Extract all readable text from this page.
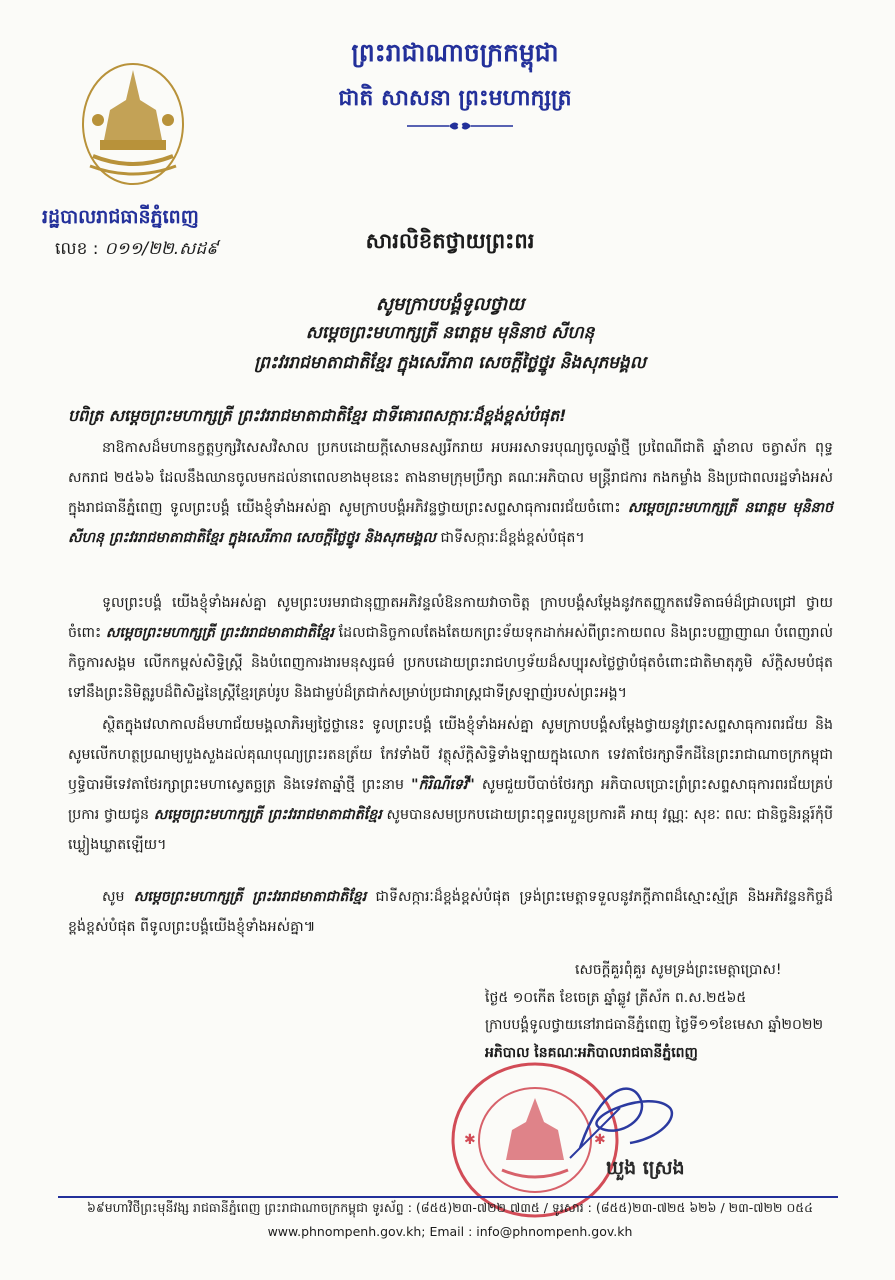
ព្រះរាជាណាចក្រកម្ពុជា
ជាតិ សាសនា ព្រះមហាក្សត្រ
រដ្ឋបាលរាជធានីភ្នំពេញ
លេខ : ០១១/២២.សដ៩	សារលិខិតថ្វាយព្រះពរ
សូមក្រាបបង្គំទូលថ្វាយ
សម្តេចព្រះមហាក្សត្រី នរោត្តម មុនិនាថ សីហនុ
ព្រះវររាជមាតាជាតិខ្មែរ ក្នុងសេរីភាព សេចក្តីថ្លៃថ្នូរ និងសុភមង្គល
បពិត្រ សម្តេចព្រះមហាក្សត្រី ព្រះវររាជមាតាជាតិខ្មែរ ជាទីគោរពសក្ការៈដ៏ខ្ពង់ខ្ពស់បំផុត!

នាឱកាសដ៏មហានក្ខត្តឫក្សវិសេសវិសាល ប្រកបដោយក្តីសោមនស្សរីករាយ អបអរសាទរបុណ្យចូលឆ្នាំថ្មី ប្រពៃណីជាតិ ឆ្នាំខាល ចត្វាស័ក ពុទ្ធសករាជ ២៥៦៦ ដែលនឹងឈានចូលមកដល់នាពេលខាងមុខនេះ តាងនាមក្រុមប្រឹក្សា គណៈអភិបាល មន្ត្រីរាជការ កងកម្លាំង និងប្រជាពលរដ្ឋទាំងអស់ក្នុងរាជធានីភ្នំពេញ ទូលព្រះបង្គំ យើងខ្ញុំទាំងអស់គ្នា សូមក្រាបបង្គំអភិវន្ទថ្វាយព្រះសព្ទសាធុការពរជ័យចំពោះ សម្តេចព្រះមហាក្សត្រី នរោត្តម មុនិនាថ សីហនុ ព្រះវររាជមាតាជាតិខ្មែរ ក្នុងសេរីភាព សេចក្តីថ្លៃថ្នូរ និងសុភមង្គល ជាទីសក្ការៈដ៏ខ្ពង់ខ្ពស់បំផុត។

ទូលព្រះបង្គំ យើងខ្ញុំទាំងអស់គ្នា សូមព្រះបរមរាជានុញ្ញាតអភិវន្ទលំឱនកាយវាចាចិត្ត ក្រាបបង្គំសម្តែងនូវកតញ្ញូកតវេទិតាធម៌ដ៏ជ្រាលជ្រៅ ថ្វាយចំពោះ សម្តេចព្រះមហាក្សត្រី ព្រះវររាជមាតាជាតិខ្មែរ ដែលជានិច្ចកាលតែងតែយកព្រះទ័យទុកដាក់អស់ពីព្រះកាយពល និងព្រះបញ្ញាញាណ បំពេញរាល់កិច្ចការសង្គម លើកកម្ពស់សិទ្ធិស្ត្រី និងបំពេញការងារមនុស្សធម៌ ប្រកបដោយព្រះរាជហឫទ័យដ៏សប្បុរសថ្លៃថ្លាបំផុតចំពោះជាតិមាតុភូមិ ស័ក្តិសមបំផុតទៅនឹងព្រះនិមិត្តរូបដ៏ពិសិដ្ឋនៃស្ត្រីខ្មែរគ្រប់រូប និងជាម្លប់ដ៏ត្រជាក់សម្រាប់ប្រជារាស្ត្រជាទីស្រឡាញ់របស់ព្រះអង្គ។

ស្ថិតក្នុងវេលាកាលដ៏មហាជ័យមង្គលាភិរម្យថ្លៃថ្លានេះ ទូលព្រះបង្គំ យើងខ្ញុំទាំងអស់គ្នា សូមក្រាបបង្គំសម្តែងថ្វាយនូវព្រះសព្ទសាធុការពរជ័យ និងសូមលើកហត្ថប្រណម្យបួងសួងដល់គុណបុណ្យព្រះរតនត្រ័យ កែវទាំងបី វត្ថុស័ក្តិសិទ្ធិទាំងឡាយក្នុងលោក ទេវតាថែរក្សាទឹកដីនៃព្រះរាជាណាចក្រកម្ពុជា ឫទ្ធិបារមីទេវតាថែរក្សាព្រះមហាស្វេតច្ឆត្រ និងទេវតាឆ្នាំថ្មី ព្រះនាម "កិរិណីទេវី" សូមជួយបីបាច់ថែរក្សា អភិបាលប្រោះព្រំព្រះសព្ទសាធុការពរជ័យគ្រប់ប្រការ ថ្វាយជូន សម្តេចព្រះមហាក្សត្រី ព្រះវររាជមាតាជាតិខ្មែរ សូមបានសមប្រកបដោយព្រះពុទ្ធពរបួនប្រការគឺ អាយុ វណ្ណៈ សុខៈ ពលៈ ជានិច្ចនិរន្តរ៍កុំបីឃ្លៀងឃ្លាតឡើយ។

សូម សម្តេចព្រះមហាក្សត្រី ព្រះវររាជមាតាជាតិខ្មែរ ជាទីសក្ការៈដ៏ខ្ពង់ខ្ពស់បំផុត ទ្រង់ព្រះមេត្តាទទួលនូវភក្តីភាពដ៏ស្មោះស្ម័គ្រ និងអភិវន្ទនកិច្ចដ៏ខ្ពង់ខ្ពស់បំផុត ពីទូលព្រះបង្គំយើងខ្ញុំទាំងអស់គ្នា៕

សេចក្តីគួរពុំគួរ សូមទ្រង់ព្រះមេត្តាប្រោស!
ថ្ងៃ៥ ១០កើត ខែចេត្រ ឆ្នាំឆ្លូវ ត្រីស័ក ព.ស.២៥៦៥
ក្រាបបង្គំទូលថ្វាយនៅរាជធានីភ្នំពេញ ថ្ងៃទី១១ខែមេសា ឆ្នាំ២០២២
អភិបាល នៃគណៈអភិបាលរាជធានីភ្នំពេញ
✱	✱
ឃួង ស្រេង
៦៩មហាវិថីព្រះមុនីវង្ស រាជធានីភ្នំពេញ ព្រះរាជាណាចក្រកម្ពុជា ទូរស័ព្ទ : (៨៥៥)២៣-៧២២ ៧៣៥ / ទូរសារ : (៨៥៥)២៣-៧២៥ ៦២៦ / ២៣-៧២២ ០៥៤
www.phnompenh.gov.kh; Email : info@phnompenh.gov.kh
